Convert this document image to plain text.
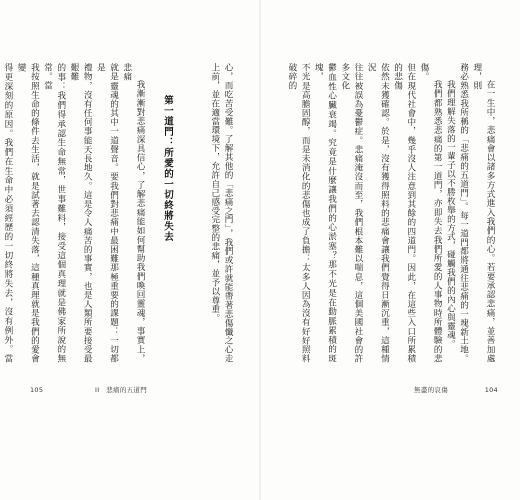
心，而吃苦受難。了解其他的「悲痛之門」，我們或許就能帶著悲傷懺之心走
上前，並在適當環境下，允許自己感受完整的悲痛，並予以尊重。
第一道門：所愛的一切終將失去
我漸漸對悲痛深具信心，了解悲痛能如何幫助我們喚回靈魂，事實上，悲痛
就是靈魂的其中一道聲音。要我們對悲痛中最困難那極重要的課題：一切都是
禮物，沒有任何事能天長地久。這是令人痛苦的事實，也是人類所要接受最艱難
的事：我們得承認生命無常，世事難料，接受這個真理就是佛家所說的無常。當
我按照生命的條件去生活，就是試著去認清失落，這種真理就是我們的愛會變
得更深刻的原因。我們在生命中必須經歷的一切終將失去，沒有例外。當
105	II　悲痛的五道門
在一生中，悲痛會以諸多方式進入我們的心。若要承認悲痛，並善加處理，則
務必熟悉我所稱的「悲痛的五道門」。每一道門都將通往悲痛的一塊新土地。
我們理解失落的一輩子以不勝枚舉的方式，碰觸我們的內心與靈魂。
我們都熟悉悲痛的第一道門，亦即失去我們所愛的人事物時所體驗的悲傷。
但在現代社會中，幾乎沒人注意到其餘的四道門。因此，在這些入口所累積的悲傷
依然未獲確認。於是，沒有獲得照料的悲痛會讓我們覺得日漸沉重，這種情況
往往被誤為憂鬱症。悲痛淹沒而至，我們根本難以喘息，這個美國社會的許多文化
鬱血性心臟衰竭。究竟是什麼讓我們的心淤塞？那不光是在動脈累積的斑塊，
不光是高膽固醇，而是未消化的悲傷也成了負擔：太多人因為沒有好好照料破碎的
無盡的哀傷	104
